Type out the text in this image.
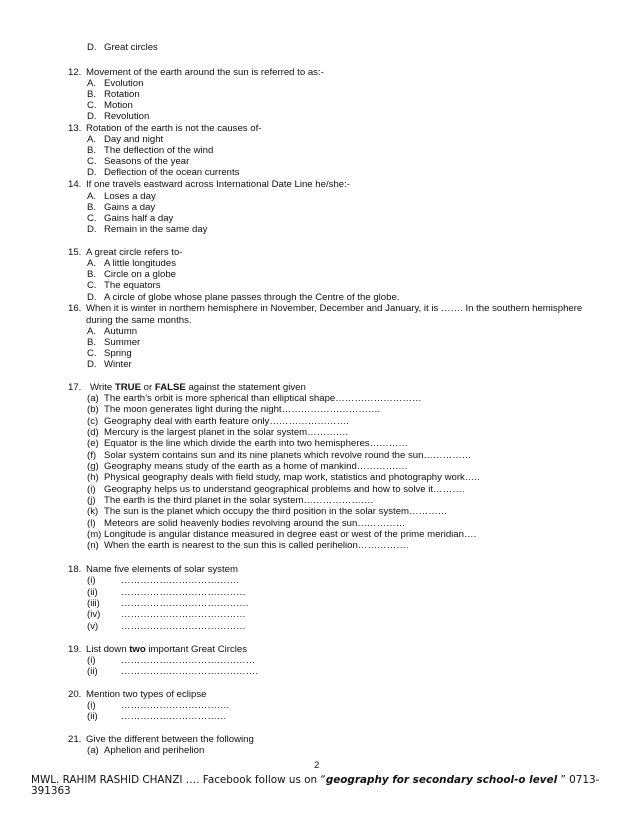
D. Great circles
12. Movement of the earth around the sun is referred to as:-
A. Evolution
B. Rotation
C. Motion
D. Revolution
13. Rotation of the earth is not the causes of-
A. Day and night
B. The deflection of the wind
C. Seasons of the year
D. Deflection of the ocean currents
14. If one travels eastward across International Date Line he/she:-
A. Loses a day
B. Gains a day
C. Gains half a day
D. Remain in the same day
15. A great circle refers to-
A. A little longitudes
B. Circle on a globe
C. The equators
D. A circle of globe whose plane passes through the Centre of the globe.
16. When it is winter in northern hemisphere in November, December and January, it is ……. In the southern hemisphere
during the same months.
A. Autumn
B. Summer
C. Spring
D. Winter
17. Write TRUE or FALSE against the statement given
(a) The earth’s orbit is more spherical than elliptical shape………………………
(b) The moon generates light during the night………………………….
(c) Geography deal with earth feature only…………………….
(d) Mercury is the largest planet in the solar system………….
(e) Equator is the line which divide the earth into two hemispheres…………
(f) Solar system contains sun and its nine planets which revolve round the sun……………
(g) Geography means study of the earth as a home of mankind…………….
(h) Physical geography deals with field study, map work, statistics and photography work…..
(i) Geography helps us to understand geographical problems and how to solve it……….
(j) The earth is the third planet in the solar system………………….
(k) The sun is the planet which occupy the third position in the solar system…………
(l) Meteors are solid heavenly bodies revolving around the sun……………
(m) Longitude is angular distance measured in degree east or west of the prime meridian….
(n) When the earth is nearest to the sun this is called perihelion…………….
18. Name five elements of solar system
(i)	……………………………….
(ii) …………………………………
(iii) ………………………………….
(iv) …………………………………
(v) …………………………………
19. List down two important Great Circles
(i)	……………………………………
(ii) …………………………………….
20. Mention two types of eclipse
(i)	…………………………….
(ii) ……………………………
21. Give the different between the following
(a) Aphelion and perihelion
2
MWL. RAHIM RASHID CHANZI …. Facebook follow us on “geography for secondary school-o level ” 0713-391363
